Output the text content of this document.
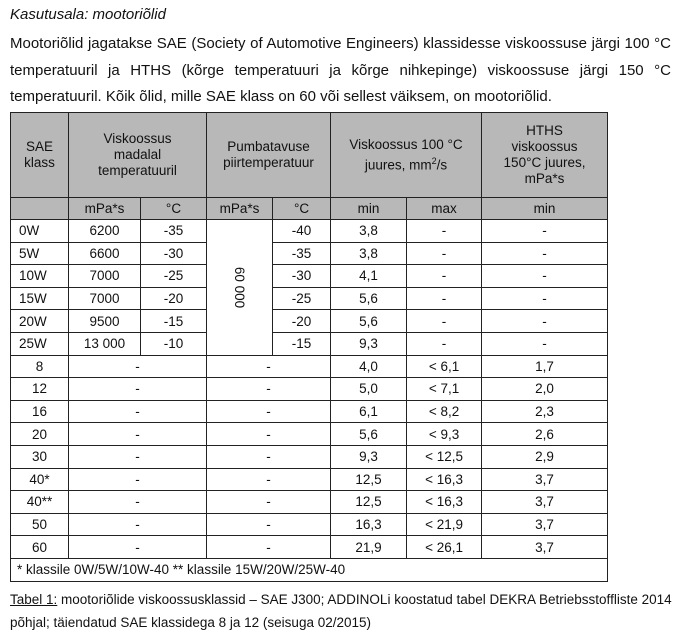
Kasutusala: mootoriõlid
Mootoriõlid jagatakse SAE (Society of Automotive Engineers) klassidesse viskoossuse järgi 100 °C temperatuuril ja HTHS (kõrge temperatuuri ja kõrge nihkepinge) viskoossuse järgi 150 °C temperatuuril. Kõik õlid, mille SAE klass on 60 või sellest väiksem, on mootoriõlid.
SAE klass	Viskoossus madalal temperatuuril		Pumbatavuse piirtemperatuur		Viskoossus 100 °C juures, $mm^2/s$		HTHS viskoossus 150°C juures, mPa*s
	mPa*s	°C	mPa*s	°C	min	max	min
0W	6200	-35	60 000	-40	3,8	-	-
5W	6600	-30		-35	3,8	-	-
10W	7000	-25		-30	4,1	-	-
15W	7000	-20		-25	5,6	-	-
20W	9500	-15		-20	5,6	-	-
25W	13 000	-10		-15	9,3	-	-
8	-		-		4,0	< 6,1	1,7
12	-		-		5,0	< 7,1	2,0
16	-		-		6,1	< 8,2	2,3
20	-		-		5,6	< 9,3	2,6
30	-		-		9,3	< 12,5	2,9
40*	-		-		12,5	< 16,3	3,7
40**	-		-		12,5	< 16,3	3,7
50	-		-		16,3	< 21,9	3,7
60	-		-		21,9	< 26,1	3,7
* klassile 0W/5W/10W-40 ** klassile 15W/20W/25W-40							
Tabel 1: mootoriõlide viskoossusklassid – SAE J300; ADDINOLi koostatud tabel DEKRA Betriebsstoffliste 2014 põhjal; täiendatud SAE klassidega 8 ja 12 (seisuga 02/2015)
